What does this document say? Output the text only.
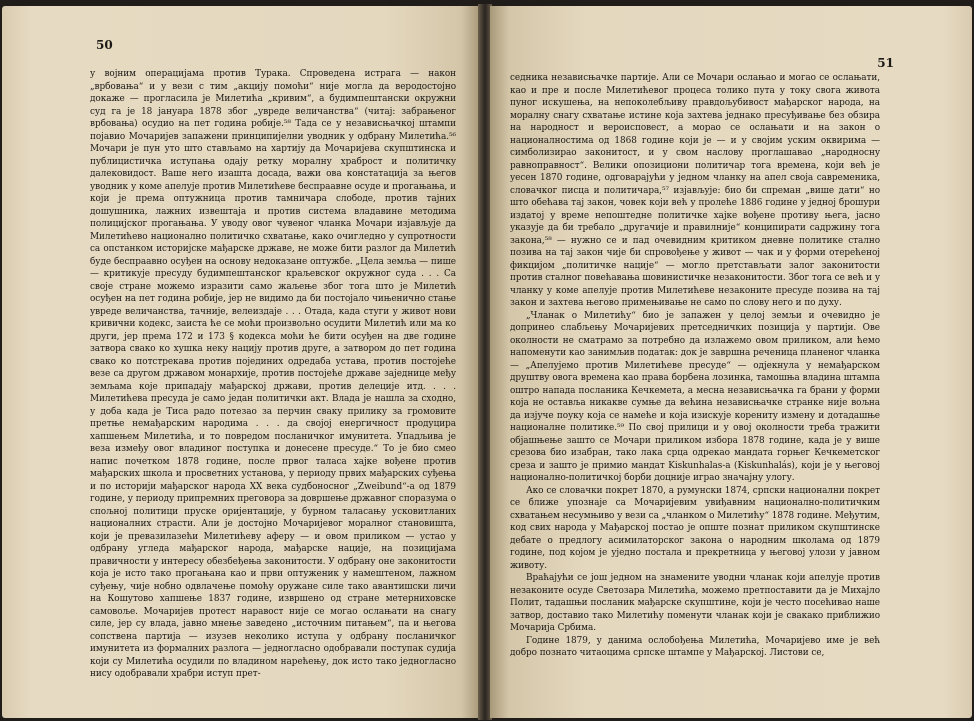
50

у војним операцијама против Турака. Спроведена истрага — након „врбовања“ и у вези с тим „акцију помоћи“ није могла да веродостојно докаже — прогласила је Милетића „кривим“, а будимпештански окружни суд га је 18 јануара 1878 због „увреде величанства“ (читај: забрањеног врбовања) осудио на пет година робије.⁵⁸ Тада се у независњачкој штампи појавио Мочаријев запажени принципијелни уводник у одбрану Милетића.⁵⁶ Мочари је пун уто што стављамо на хартију да Мочаријева скупштинска и публицистичка иступања одају ретку моралну храброст и политичку далековидост. Ваше него изашта досада, важи ова констатација за његов уводник у коме апелује против Милетићеве беспраавне осуде и прогањања, и који је према оптужница против тамничара слободе, против тајних дошушника, лажних извештаја и против система владавине методима полицијског прогањања. У уводу овог чувеног чланка Мочари изјављује да Милетићево национално политичко схватање, како очигледно у супротности са опстанком историјске мађарске државе, не може бити разлог да Милетић буде беспраавно осуђен на основу недоказане оптужбе. „Цела земља — пише — критикује пресуду будимпештанског краљевског окружног суда . . . Са своје стране можемо изразити само жаљење због тога што је Милетић осуђен на пет година робије, јер не видимо да би постојало чињенично стање увреде величанства, тачније, велеиздаје . . . Отада, када стуги у живот нови кривични кодекс, заиста ће се моћи произвољно осудити Милетић или ма ко други, јер према 172 и 173 § кодекса моћи ће бити осуђен на две године затвора свако ко хушка неку нацију против друге, а затвором до пет година свако ко потстрекава против појединих одредаба устава, против постојеће везе са другом државом монархије, против постојеће државе заједнице међу земљама које припадају мађарској држави, против делеције итд. . . . Милетићева пресуда је само један политички акт. Влада је нашла за сходно, у доба када је Тиса радо потезао за перчин сваку прилику за громовите претње немађарским народима . . . да својој енергичност продуцира хапшењем Милетића, и то повредом посланичког имунитета. Упадљива је веза између овог владиног поступка и донесене пресуде.“ То је био смео напис почетком 1878 године, после првог таласа хајке вођене против мађарских школа и просветних установа, у периоду првих мађарских суђења и по историји мађарског народа ХХ века судбоносног „Zweibund“-а од 1879 године, у периоду припремних преговора за довршење државног споразума о спољној политици пруске оријентације, у бурном таласању усковитланих националних страсти. Али је достојно Мочаријевог моралног становишта, који је превазилазећи Милетићеву аферу — и овом приликом — устао у одбрану угледа мађарског народа, мађарске нације, на позицијама правичности у интересу обезбеђења законитости. У одбрану оне законитости која је исто тако прогањана као и први оптуженик у намештеном, лажном суђењу, чије нобно одвлачење помоћу оружане силе тако авантишски личи на Кошутово хапшење 1837 године, извршено од стране метерниховске самовоље. Мочаријев протест наравост није се могао ослањати на снагу силе, јер су влада, јавно мнење заведено „источним питањем“, па и његова сопствена партија — изузев неколико иступа у одбрану посланичког имунитета из формалних разлога — једногласно одобравали поступак судија који су Милетића осудили по владином нарећењу, док исто тако једногласно нису одобравали храбри иступ прет-

51

седника независњачке партије. Али се Мочари ослањао и могао се ослањати, као и пре и после Милетићевог процеса толико пута у току свога живота пуног искушења, на непоколебљиву правдољубивост мађарског народа, на моралну снагу схватање истине која захтева једнако пресуђивање без обзира на народност и вероисповест, а мораo се ослањати и на закон о националностима од 1868 године који је — и у својим уским оквирима — симболизирао законитост, и у свом насловy проглашавао „народносну равноправност“. Велики опозициони политичар тога времена, који већ је уесен 1870 године, одговарајући у једном чланку на апел своја савременика, словачког писца и политичара,⁵⁷ изјављује: био би спреман „више дати“ но што обећава тај закон, човек који већ у пролеће 1886 године у једној брошури издатој у време непоштедне политичке хајке вођене противу њега, јасно указује да би требало „другачије и правилније“ конципирати садржину тога закона,⁵⁸ — нужно се и пад очевидним критиком дневне политике стално позива на тај закон чије би спровођење у живот — чак и у форми отерећеној фикцијом „политичке нације“ — могло претстављати залог законитости против сталног повећавања шовинистичке незаконитости. Због тога се већ и у чланку у коме апелује против Милетићеве незаконите пресуде позива на тај закон и захтева његово примењивање не само по слову него и по духу.

„Чланак о Милетићу“ био је запажен у целој земљи и очевидно је допринео слабљењу Мочаријевих претседничких позиција у партији. Ове околности не сматрамо за потребно да излажемо овом приликом, али ћемо напоменути као занимљив податак: док је завршна реченица планеног чланка — „Апелујемо против Милетићеве пресуде“ — одјекнула у немађарском друштву овога времена као права борбена лозинка, тамошња владина штампа оштро напада посланика Кечкемета, а месна независњачка га брани у форми која не оставља никакве сумње да већина независњачке странке није вољна да изјуче поуку која се намеће и која изискује корениту измену и дотадашње националне политике.⁵⁹ По свој прилици и у овој околности треба тражити објашњење зашто се Мочари приликом избора 1878 године, када је у више срезова био изабран, тако лака срца одрекао мандата горњег Кечкеметског среза и зашто је примио мандат Kiskunhalas-а (Kiskunhalás), који је у његовој национално-политичкој борби доцније играо значајну улогу.

Ако се словачки покрет 1870, а румунски 1874, српски национални покрет се ближе упознаје са Мочаријевим увиђавним национално-политичким схватањем несумњиво у вези са „чланком о Милетићу“ 1878 године. Међутим, код свих народа у Мађарској постао је опште познат приликом скупштинске дебате о предлогу асимилаторског закона о народним школама од 1879 године, под којом је уједно постала и прекретница у његовој улози у јавном животу.

Враћајући се још једном на знамените уводни чланак који апелује против незаконите осуде Светозара Милетића, можемо претпоставити да је Михајло Полит, тадашњи посланик мађарске скупштине, који је често посећивао наше затвор, доставио тако Милетићу поменути чланак који је свакако приближио Мочарија Србима.

Године 1879, у данима ослобођења Милетића, Мочаријево име је већ добро познато читаоцима српске штампе у Мађарској. Листови се,
